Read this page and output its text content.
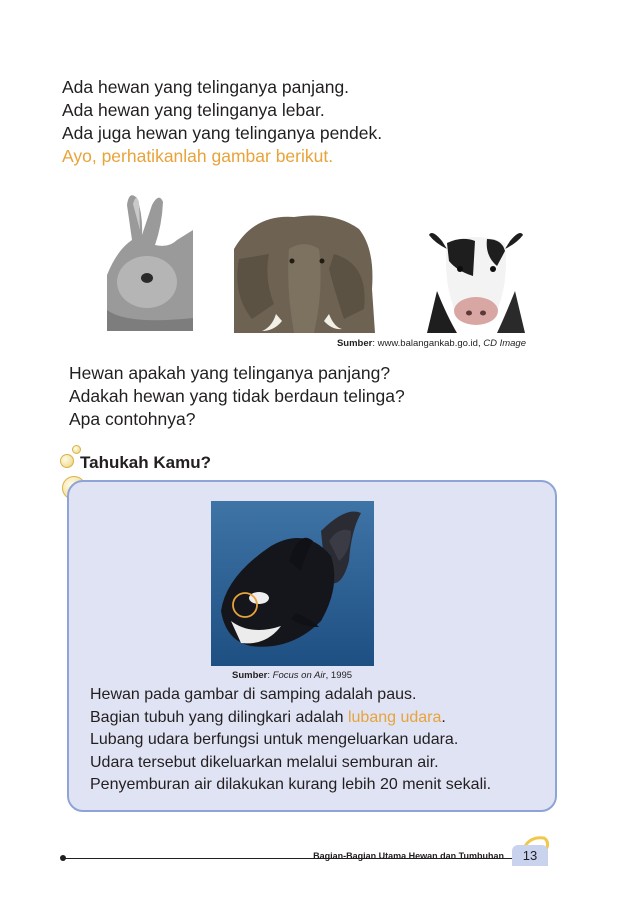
Ada hewan yang telinganya panjang.
Ada hewan yang telinganya lebar.
Ada juga hewan yang telinganya pendek.
Ayo, perhatikanlah gambar berikut.
Sumber: www.balangankab.go.id, CD Image
Hewan apakah yang telinganya panjang?
Adakah hewan yang tidak berdaun telinga?
Apa contohnya?
Tahukah Kamu?
Sumber: Focus on Air, 1995
Hewan pada gambar di samping adalah paus.
Bagian tubuh yang dilingkari adalah lubang udara.
Lubang udara berfungsi untuk mengeluarkan udara.
Udara tersebut dikeluarkan melalui semburan air.
Penyemburan air dilakukan kurang lebih 20 menit sekali.
Bagian-Bagian Utama Hewan dan Tumbuhan	13
